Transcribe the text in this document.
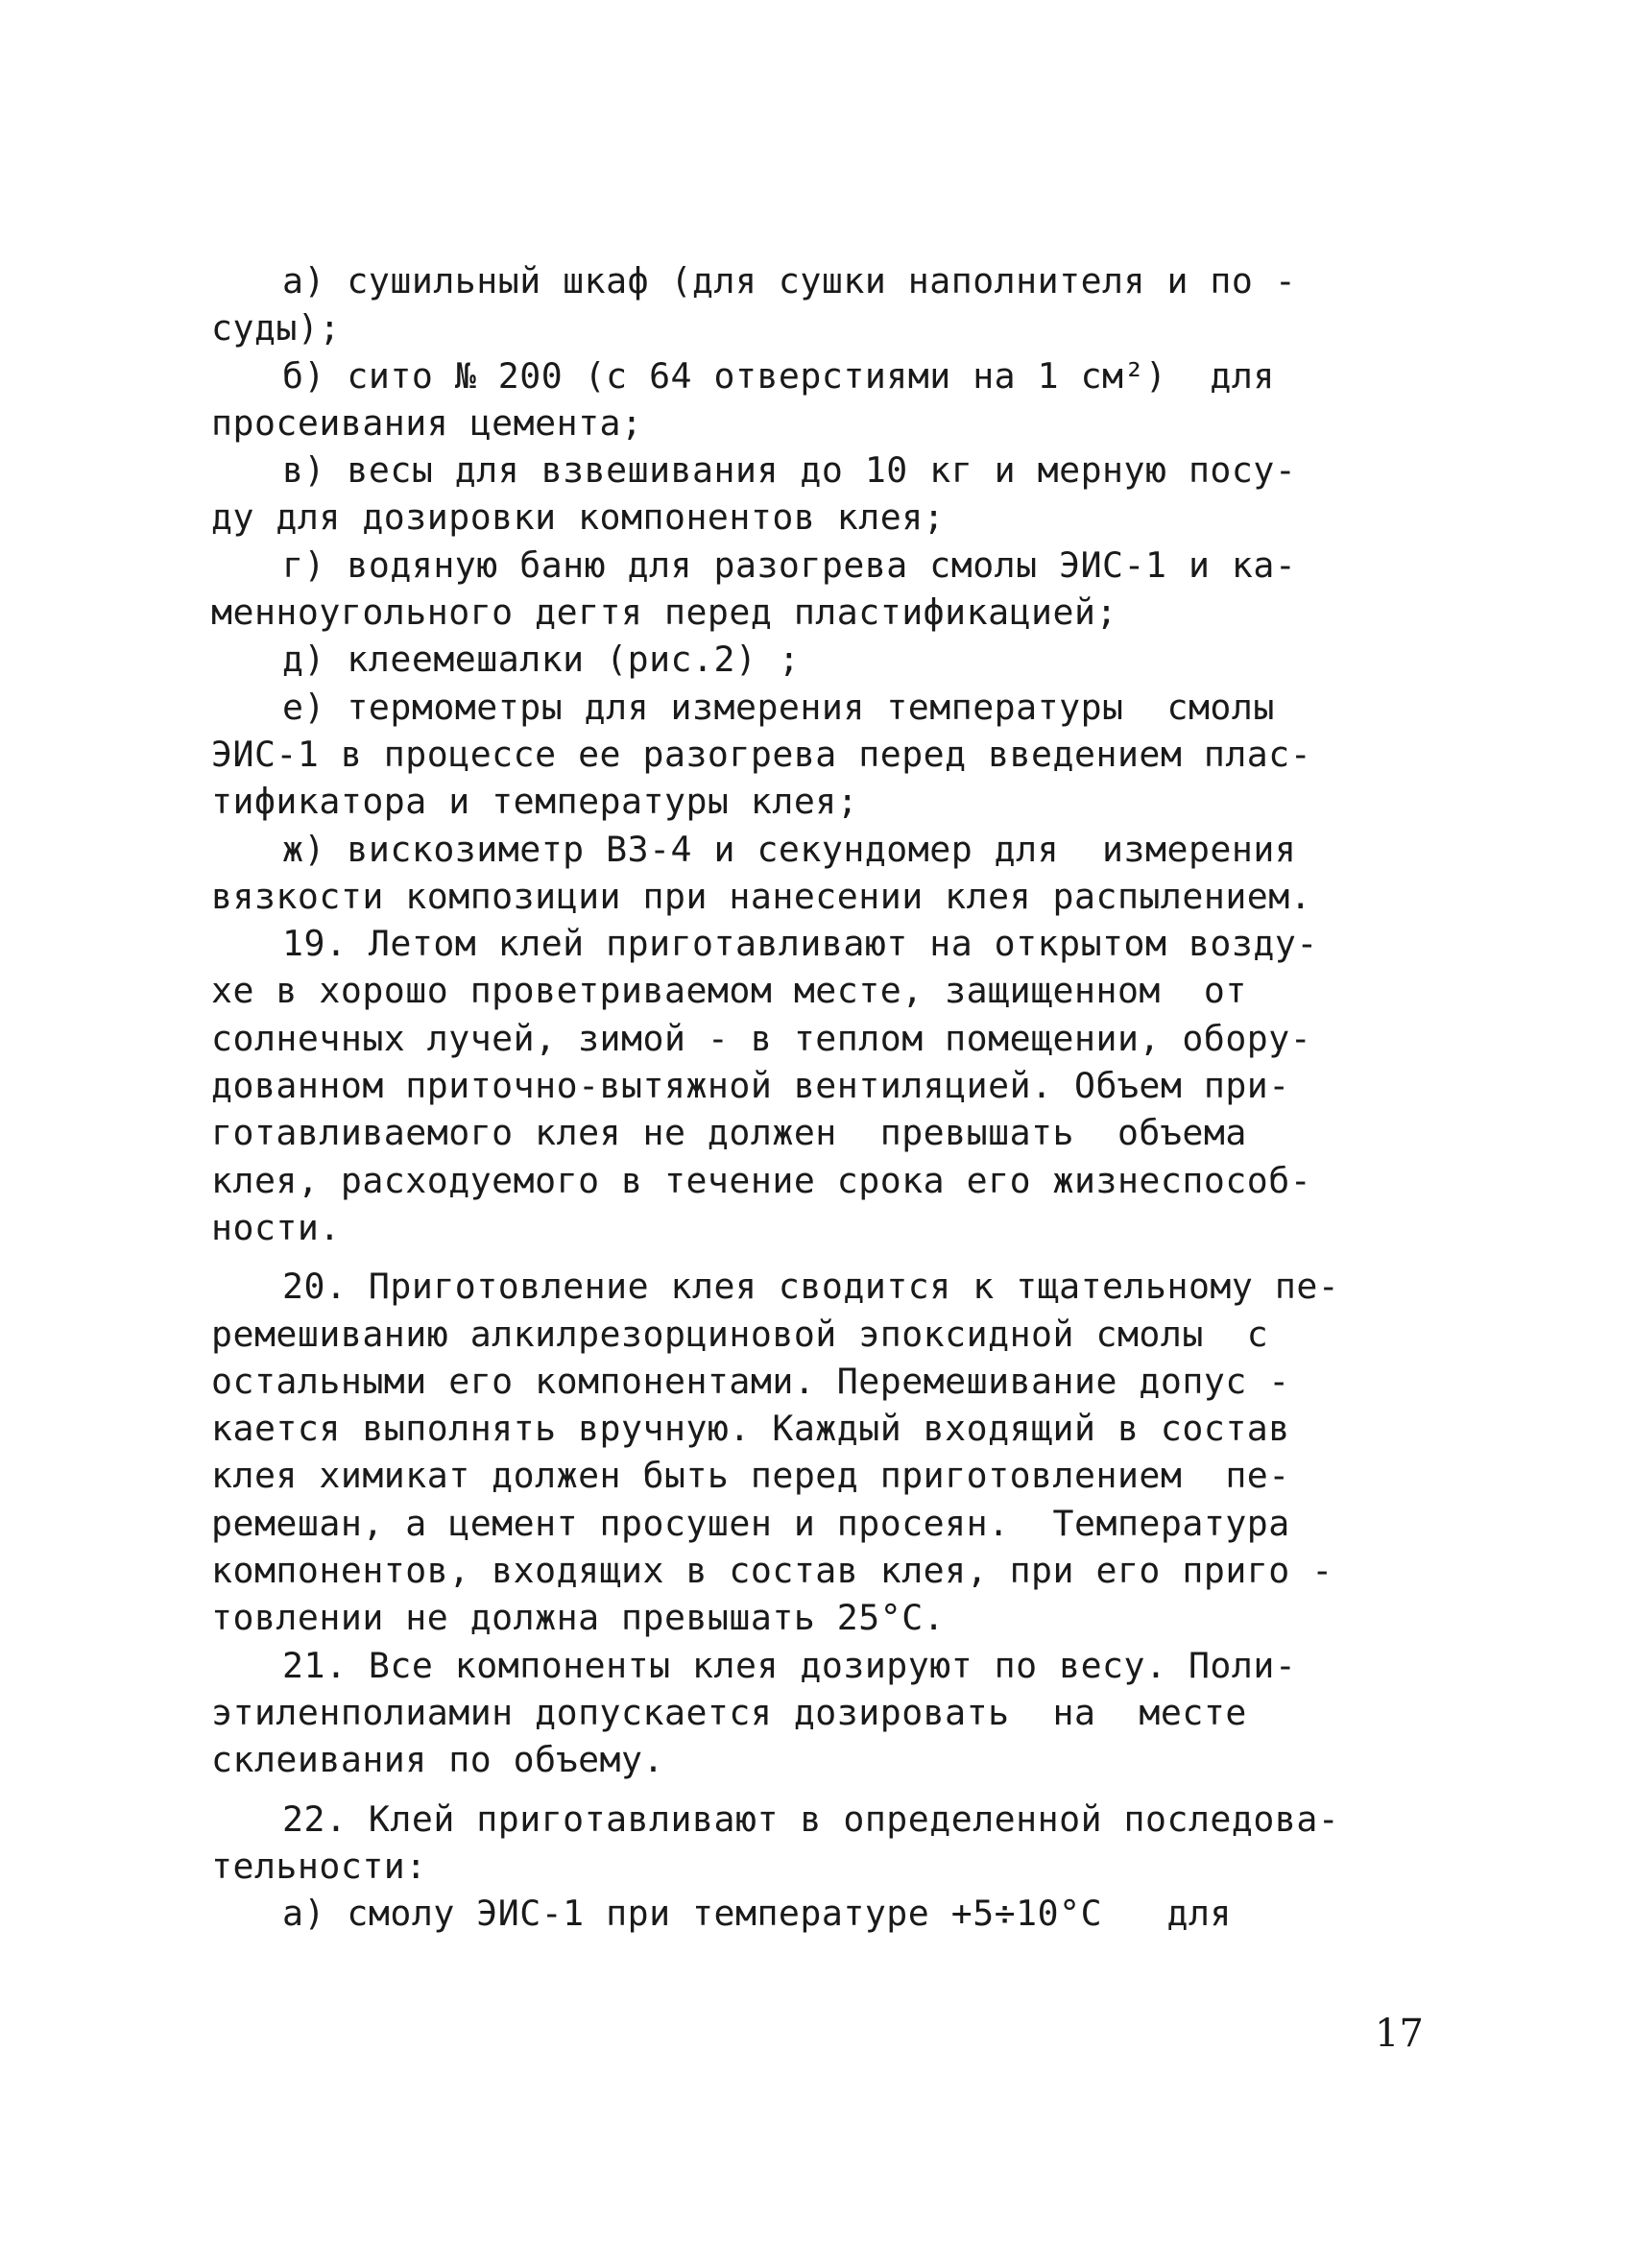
а) сушильный шкаф (для сушки наполнителя и по -
суды);
б) сито № 200 (с 64 отверстиями на 1 см²)  для
просеивания цемента;
в) весы для взвешивания до 10 кг и мерную посу-
ду для дозировки компонентов клея;
г) водяную баню для разогрева смолы ЭИС-1 и ка-
менноугольного дегтя перед пластификацией;
д) клеемешалки (рис.2) ;
е) термометры для измерения температуры  смолы
ЭИС-1 в процессе ее разогрева перед введением плас-
тификатора и температуры клея;
ж) вискозиметр ВЗ-4 и секундомер для  измерения
вязкости композиции при нанесении клея распылением.
19. Летом клей приготавливают на открытом возду-
хе в хорошо проветриваемом месте, защищенном  от
солнечных лучей, зимой - в теплом помещении, обору-
дованном приточно-вытяжной вентиляцией. Объем при-
готавливаемого клея не должен  превышать  объема
клея, расходуемого в течение срока его жизнеспособ-
ности.
20. Приготовление клея сводится к тщательному пе-
ремешиванию алкилрезорциновой эпоксидной смолы  с
остальными его компонентами. Перемешивание допус -
кается выполнять вручную. Каждый входящий в состав
клея химикат должен быть перед приготовлением  пе-
ремешан, а цемент просушен и просеян.  Температура
компонентов, входящих в состав клея, при его приго -
товлении не должна превышать 25°С.
21. Все компоненты клея дозируют по весу. Поли-
этиленполиамин допускается дозировать  на  месте
склеивания по объему.
22. Клей приготавливают в определенной последова-
тельности:
а) смолу ЭИС-1 при температуре +5÷10°С   для
17
